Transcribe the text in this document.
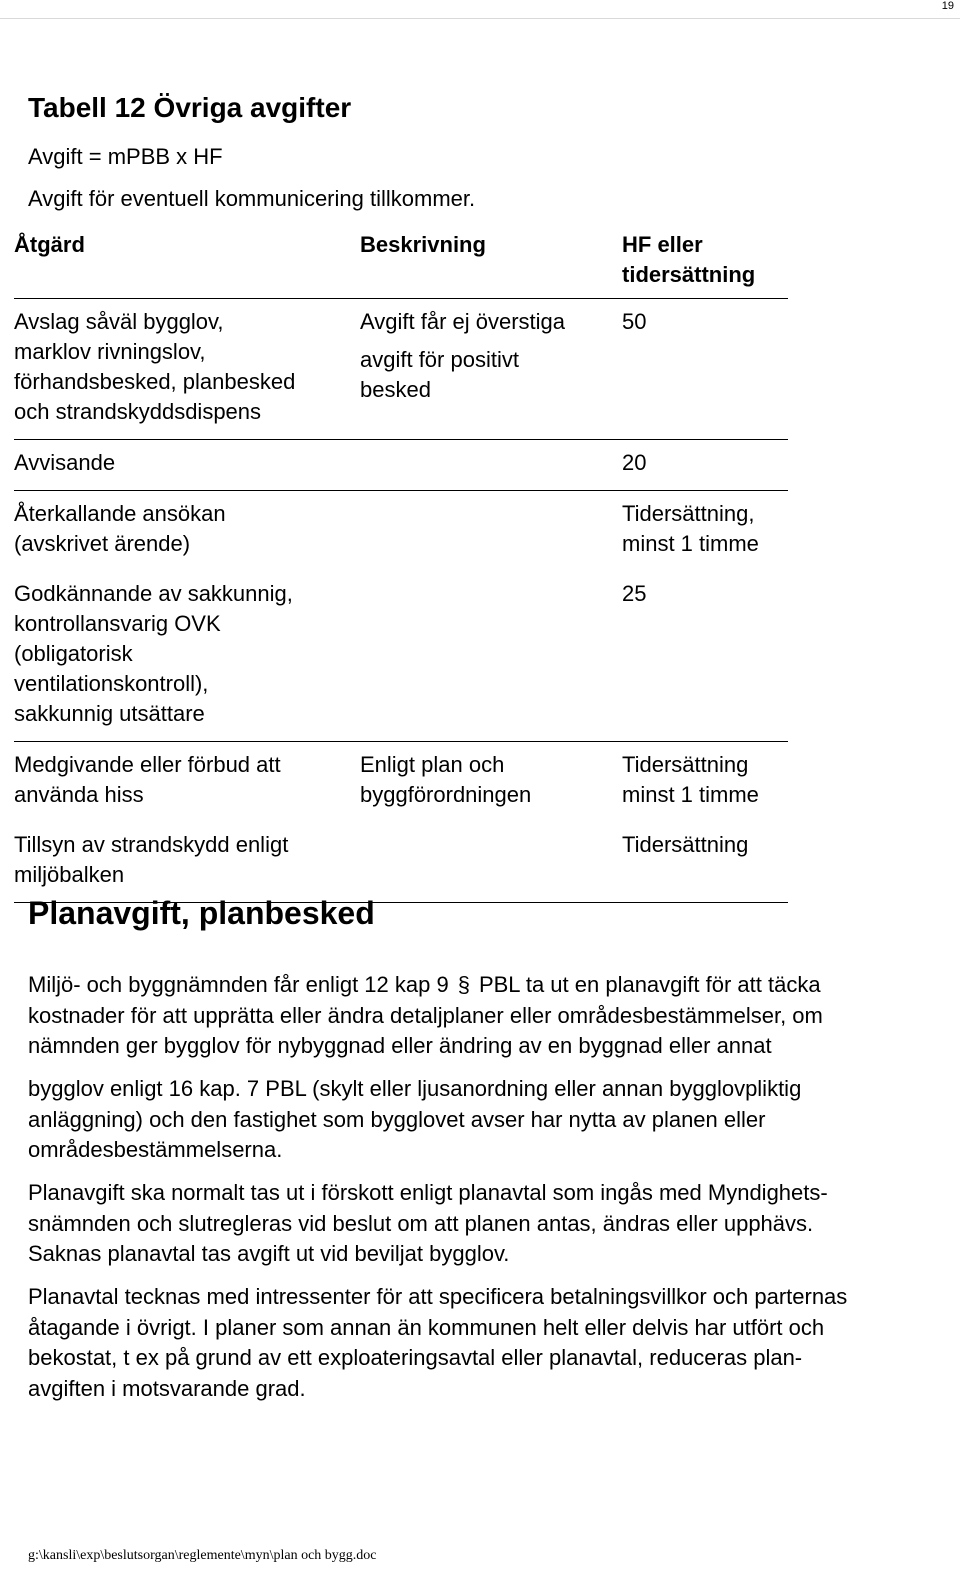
19
Tabell 12 Övriga avgifter

Avgift = mPBB x HF

Avgift för eventuell kommunicering tillkommer.

Åtgärd	Beskrivning	HF eller
tidersättning
Avslag såväl bygglov,
marklov rivningslov,
förhandsbesked, planbesked
och strandskyddsdispens	Avgift får ej överstiga
avgift för positivt
besked	50
Avvisande		20
Återkallande ansökan
(avskrivet ärende)		Tidersättning,
minst 1 timme
Godkännande av sakkunnig,
kontrollansvarig OVK
(obligatorisk
ventilationskontroll),
sakkunnig utsättare		25
Medgivande eller förbud att
använda hiss	Enligt plan och
byggförordningen	Tidersättning
minst 1 timme
Tillsyn av strandskydd enligt
miljöbalken		Tidersättning
Planavgift, planbesked

Miljö- och byggnämnden får enligt 12 kap 9 § PBL ta ut en planavgift för att täcka
kostnader för att upprätta eller ändra detaljplaner eller områdesbestämmelser, om
nämnden ger bygglov för nybyggnad eller ändring av en byggnad eller annat

bygglov enligt 16 kap. 7 PBL (skylt eller ljusanordning eller annan bygglovpliktig
anläggning) och den fastighet som bygglovet avser har nytta av planen eller
områdesbestämmelserna.

Planavgift ska normalt tas ut i förskott enligt planavtal som ingås med Myndighets-
snämnden och slutregleras vid beslut om att planen antas, ändras eller upphävs.
Saknas planavtal tas avgift ut vid beviljat bygglov.

Planavtal tecknas med intressenter för att specificera betalningsvillkor och parternas
åtagande i övrigt. I planer som annan än kommunen helt eller delvis har utfört och
bekostat, t ex på grund av ett exploateringsavtal eller planavtal, reduceras plan-
avgiften i motsvarande grad.

g:\kansli\exp\beslutsorgan\reglemente\myn\plan och bygg.doc
